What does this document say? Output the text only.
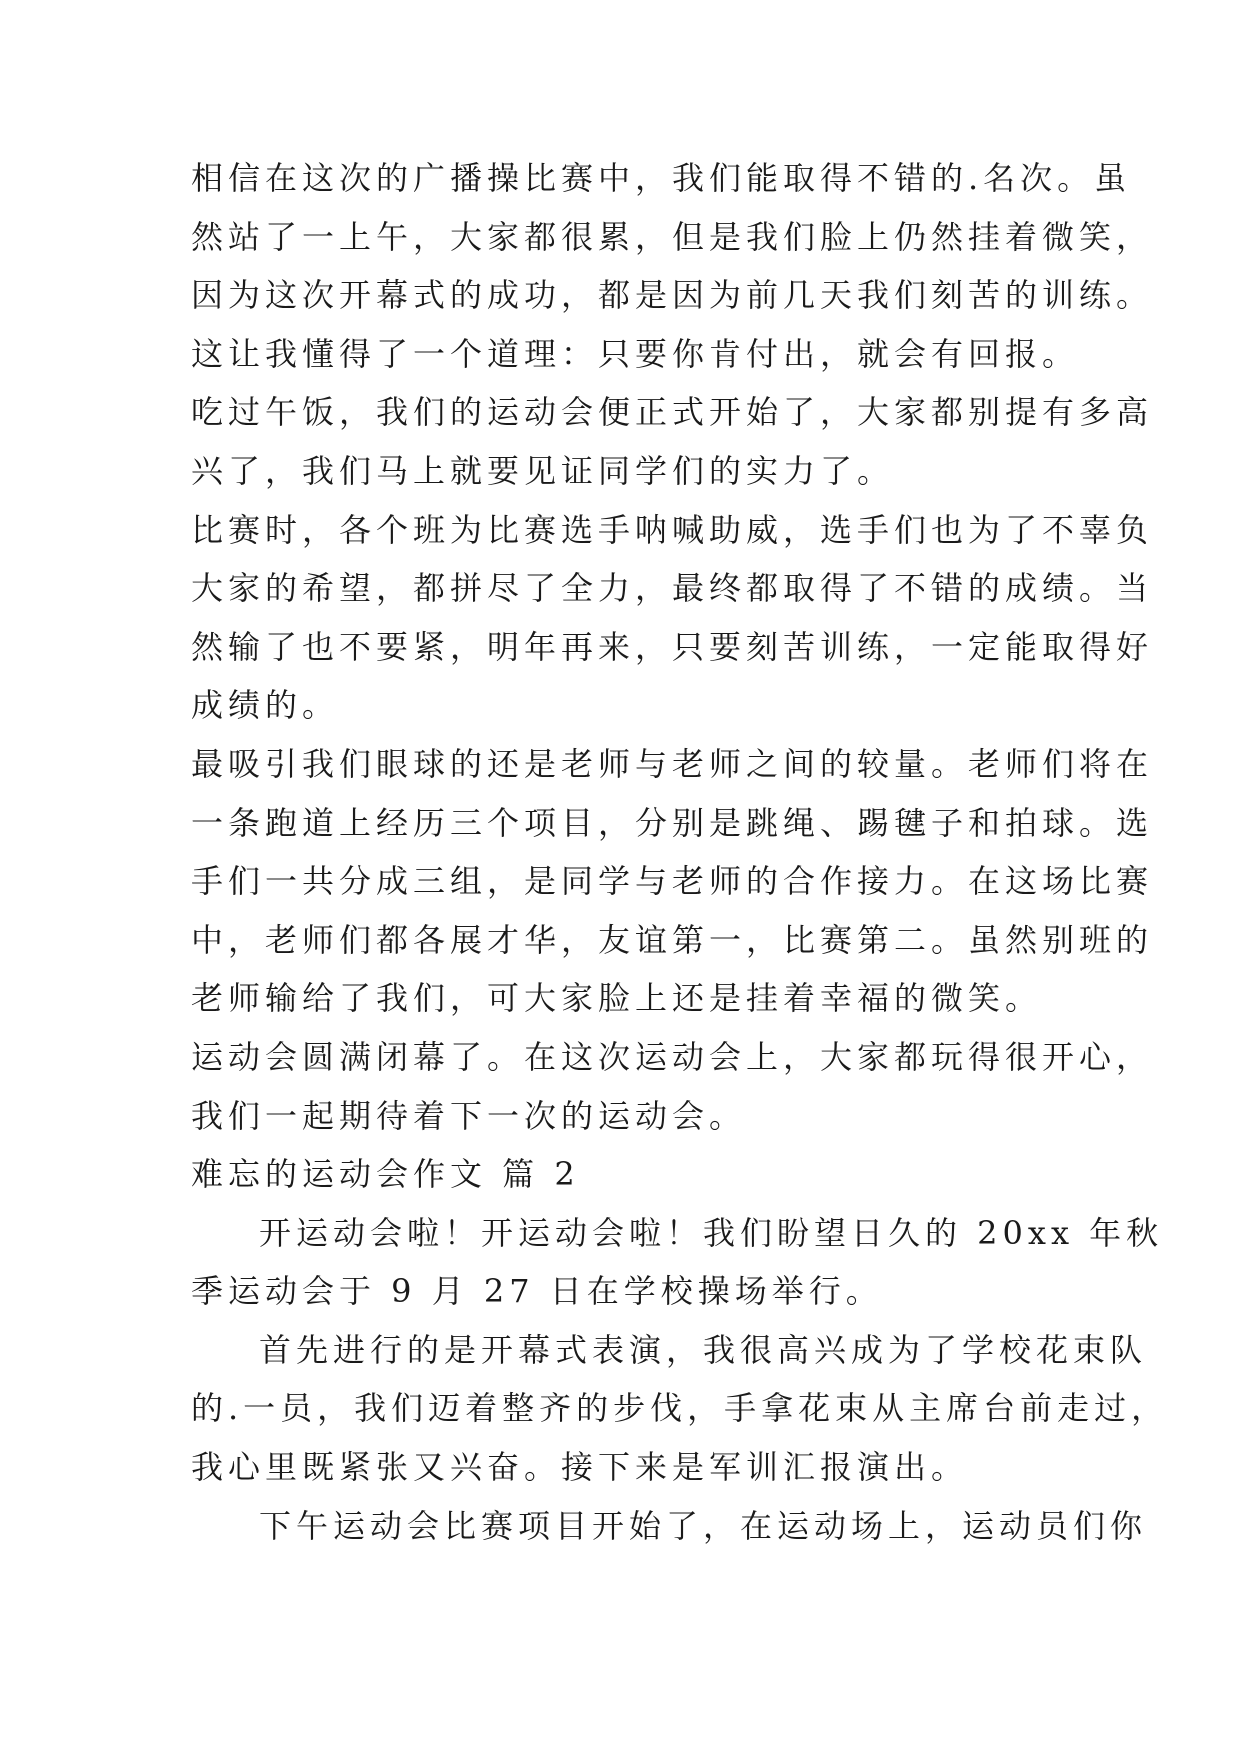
相信在这次的广播操比赛中，我们能取得不错的.名次。虽
然站了一上午，大家都很累，但是我们脸上仍然挂着微笑，
因为这次开幕式的成功，都是因为前几天我们刻苦的训练。
这让我懂得了一个道理：只要你肯付出，就会有回报。
吃过午饭，我们的运动会便正式开始了，大家都别提有多高
兴了，我们马上就要见证同学们的实力了。
比赛时，各个班为比赛选手呐喊助威，选手们也为了不辜负
大家的希望，都拼尽了全力，最终都取得了不错的成绩。当
然输了也不要紧，明年再来，只要刻苦训练，一定能取得好
成绩的。
最吸引我们眼球的还是老师与老师之间的较量。老师们将在
一条跑道上经历三个项目，分别是跳绳、踢毽子和拍球。选
手们一共分成三组，是同学与老师的合作接力。在这场比赛
中，老师们都各展才华，友谊第一，比赛第二。虽然别班的
老师输给了我们，可大家脸上还是挂着幸福的微笑。
运动会圆满闭幕了。在这次运动会上，大家都玩得很开心，
我们一起期待着下一次的运动会。
难忘的运动会作文 篇 2
开运动会啦！开运动会啦！我们盼望日久的 20xx 年秋
季运动会于 9 月 27 日在学校操场举行。
首先进行的是开幕式表演，我很高兴成为了学校花束队
的.一员，我们迈着整齐的步伐，手拿花束从主席台前走过，
我心里既紧张又兴奋。接下来是军训汇报演出。
下午运动会比赛项目开始了，在运动场上，运动员们你
